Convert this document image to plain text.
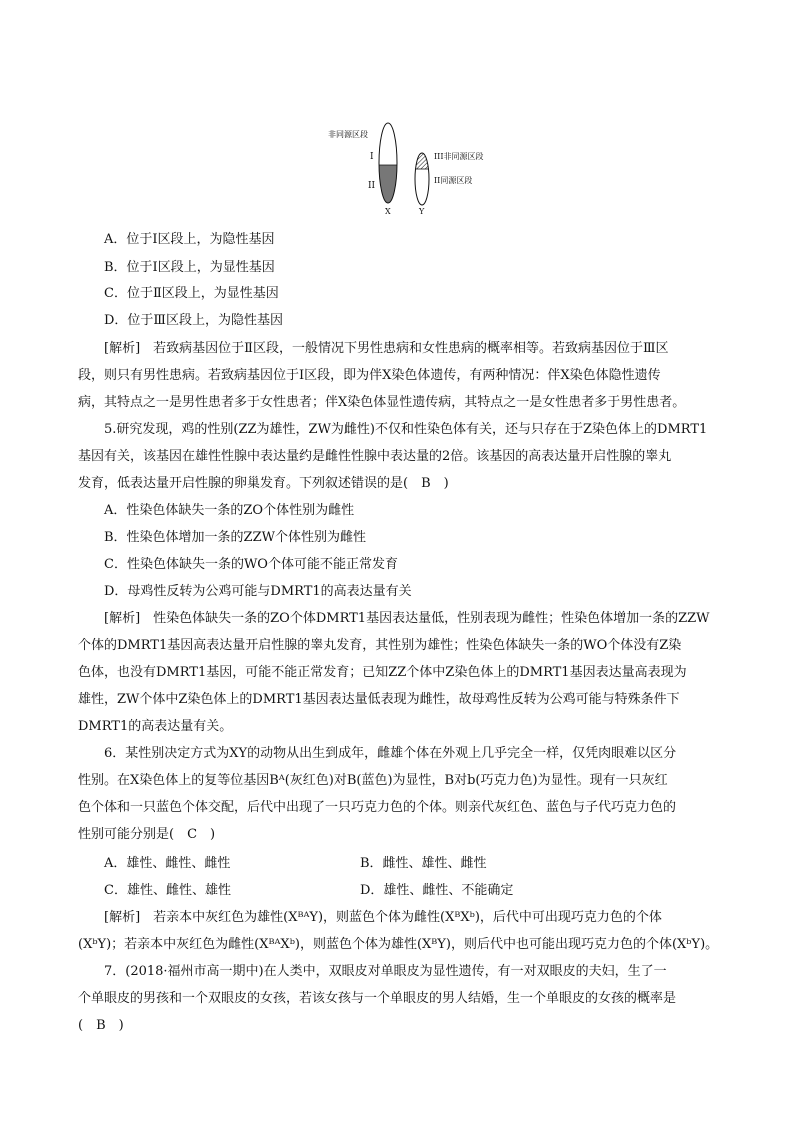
非同源区段
I
II
III非同源区段
II同源区段
X	Y
A．位于Ⅰ区段上，为隐性基因
B．位于Ⅰ区段上，为显性基因
C．位于Ⅱ区段上，为显性基因
D．位于Ⅲ区段上，为隐性基因
[解析]　若致病基因位于Ⅱ区段，一般情况下男性患病和女性患病的概率相等。若致病基因位于Ⅲ区
段，则只有男性患病。若致病基因位于Ⅰ区段，即为伴X染色体遗传，有两种情况：伴X染色体隐性遗传
病，其特点之一是男性患者多于女性患者；伴X染色体显性遗传病，其特点之一是女性患者多于男性患者。
5.研究发现，鸡的性别(ZZ为雄性，ZW为雌性)不仅和性染色体有关，还与只存在于Z染色体上的DMRT1
基因有关，该基因在雄性性腺中表达量约是雌性性腺中表达量的2倍。该基因的高表达量开启性腺的睾丸
发育，低表达量开启性腺的卵巢发育。下列叙述错误的是(　B　)
A．性染色体缺失一条的ZO个体性别为雌性
B．性染色体增加一条的ZZW个体性别为雌性
C．性染色体缺失一条的WO个体可能不能正常发育
D．母鸡性反转为公鸡可能与DMRT1的高表达量有关
[解析]　性染色体缺失一条的ZO个体DMRT1基因表达量低，性别表现为雌性；性染色体增加一条的ZZW
个体的DMRT1基因高表达量开启性腺的睾丸发育，其性别为雄性；性染色体缺失一条的WO个体没有Z染
色体，也没有DMRT1基因，可能不能正常发育；已知ZZ个体中Z染色体上的DMRT1基因表达量高表现为
雄性，ZW个体中Z染色体上的DMRT1基因表达量低表现为雌性，故母鸡性反转为公鸡可能与特殊条件下
DMRT1的高表达量有关。
6．某性别决定方式为XY的动物从出生到成年，雌雄个体在外观上几乎完全一样，仅凭肉眼难以区分
性别。在X染色体上的复等位基因Bᴬ(灰红色)对B(蓝色)为显性，B对b(巧克力色)为显性。现有一只灰红
色个体和一只蓝色个体交配，后代中出现了一只巧克力色的个体。则亲代灰红色、蓝色与子代巧克力色的
性别可能分别是(　C　)
A．雄性、雌性、雌性	B．雌性、雄性、雌性
C．雄性、雌性、雄性	D．雄性、雌性、不能确定
[解析]　若亲本中灰红色为雄性(XᴮᴬY)，则蓝色个体为雌性(XᴮXᵇ)，后代中可出现巧克力色的个体
(XᵇY)；若亲本中灰红色为雌性(XᴮᴬXᵇ)，则蓝色个体为雄性(XᴮY)，则后代中也可能出现巧克力色的个体(XᵇY)。
7．(2018·福州市高一期中)在人类中，双眼皮对单眼皮为显性遗传，有一对双眼皮的夫妇，生了一
个单眼皮的男孩和一个双眼皮的女孩，若该女孩与一个单眼皮的男人结婚，生一个单眼皮的女孩的概率是
(　B　)
